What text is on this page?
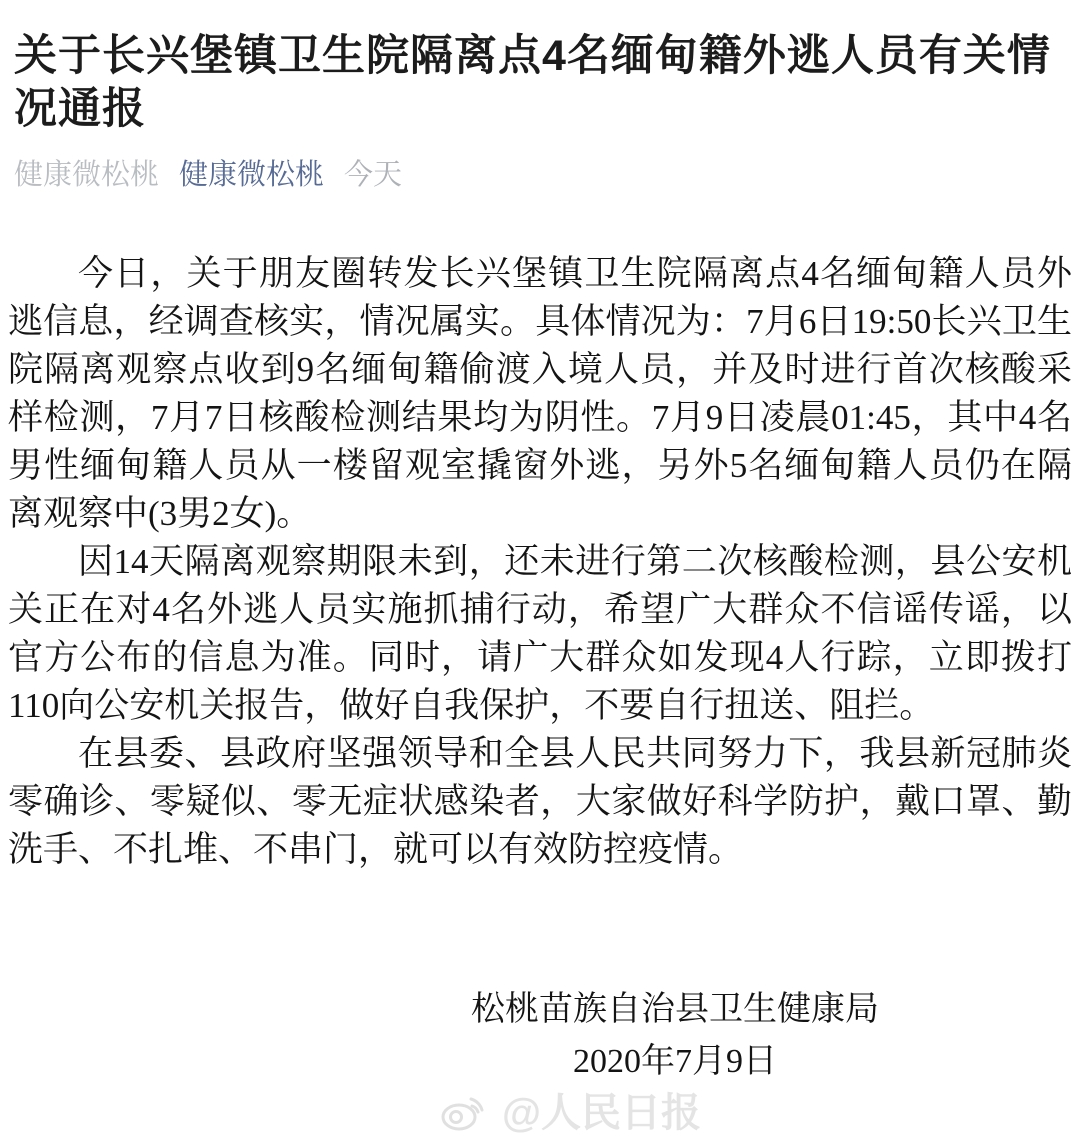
关于长兴堡镇卫生院隔离点4名缅甸籍外逃人员有关情况通报
健康微松桃 健康微松桃 今天

今日，关于朋友圈转发长兴堡镇卫生院隔离点4名缅甸籍人员外逃信息，经调查核实，情况属实。具体情况为：7月6日19:50长兴卫生院隔离观察点收到9名缅甸籍偷渡入境人员，并及时进行首次核酸采样检测，7月7日核酸检测结果均为阴性。7月9日凌晨01:45，其中4名男性缅甸籍人员从一楼留观室撬窗外逃，另外5名缅甸籍人员仍在隔离观察中(3男2女)。

因14天隔离观察期限未到，还未进行第二次核酸检测，县公安机关正在对4名外逃人员实施抓捕行动，希望广大群众不信谣传谣，以官方公布的信息为准。同时，请广大群众如发现4人行踪，立即拨打110向公安机关报告，做好自我保护，不要自行扭送、阻拦。

在县委、县政府坚强领导和全县人民共同努力下，我县新冠肺炎零确诊、零疑似、零无症状感染者，大家做好科学防护，戴口罩、勤洗手、不扎堆、不串门，就可以有效防控疫情。

松桃苗族自治县卫生健康局
2020年7月9日
@人民日报
